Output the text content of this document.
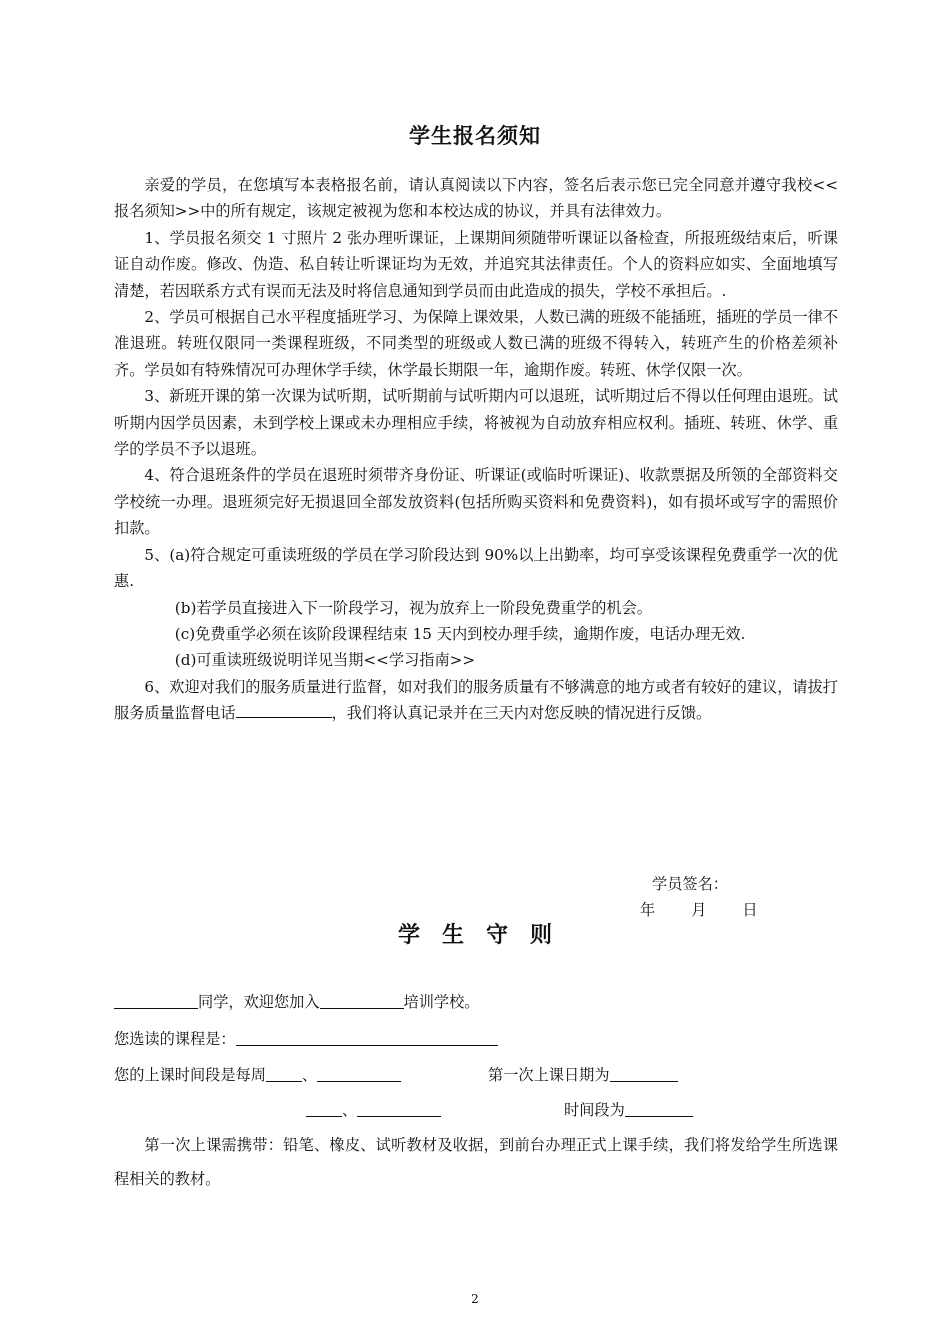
学生报名须知

亲爱的学员，在您填写本表格报名前，请认真阅读以下内容，签名后表示您已完全同意并遵守我校<<报名须知>>中的所有规定，该规定被视为您和本校达成的协议，并具有法律效力。

1、学员报名须交 1 寸照片 2 张办理听课证，上课期间须随带听课证以备检查，所报班级结束后，听课证自动作废。修改、伪造、私自转让听课证均为无效，并追究其法律责任。个人的资料应如实、全面地填写清楚，若因联系方式有误而无法及时将信息通知到学员而由此造成的损失，学校不承担后。.

2、学员可根据自己水平程度插班学习、为保障上课效果，人数已满的班级不能插班，插班的学员一律不准退班。转班仅限同一类课程班级，不同类型的班级或人数已满的班级不得转入，转班产生的价格差须补齐。学员如有特殊情况可办理休学手续，休学最长期限一年，逾期作废。转班、休学仅限一次。

3、新班开课的第一次课为试听期，试听期前与试听期内可以退班，试听期过后不得以任何理由退班。试听期内因学员因素，未到学校上课或未办理相应手续，将被视为自动放弃相应权利。插班、转班、休学、重学的学员不予以退班。

4、符合退班条件的学员在退班时须带齐身份证、听课证(或临时听课证)、收款票据及所领的全部资料交学校统一办理。退班须完好无损退回全部发放资料(包括所购买资料和免费资料)，如有损坏或写字的需照价扣款。

5、(a)符合规定可重读班级的学员在学习阶段达到 90%以上出勤率，均可享受该课程免费重学一次的优惠.

(b)若学员直接进入下一阶段学习，视为放弃上一阶段免费重学的机会。

(c)免费重学必须在该阶段课程结束 15 天内到校办理手续，逾期作废，电话办理无效.

(d)可重读班级说明详见当期<<学习指南>>

6、欢迎对我们的服务质量进行监督，如对我们的服务质量有不够满意的地方或者有较好的建议，请拔打服务质量监督电话	，我们将认真记录并在三天内对您反映的情况进行反馈。

学员签名：
年 月 日
学 生 守 则
同学，欢迎您加入	培训学校。
您选读的课程是：
您的上课时间段是每周 、	第一次上课日期为
、	时间段为

第一次上课需携带：铅笔、橡皮、试听教材及收据，到前台办理正式上课手续，我们将发给学生所选课程相关的教材。

2
